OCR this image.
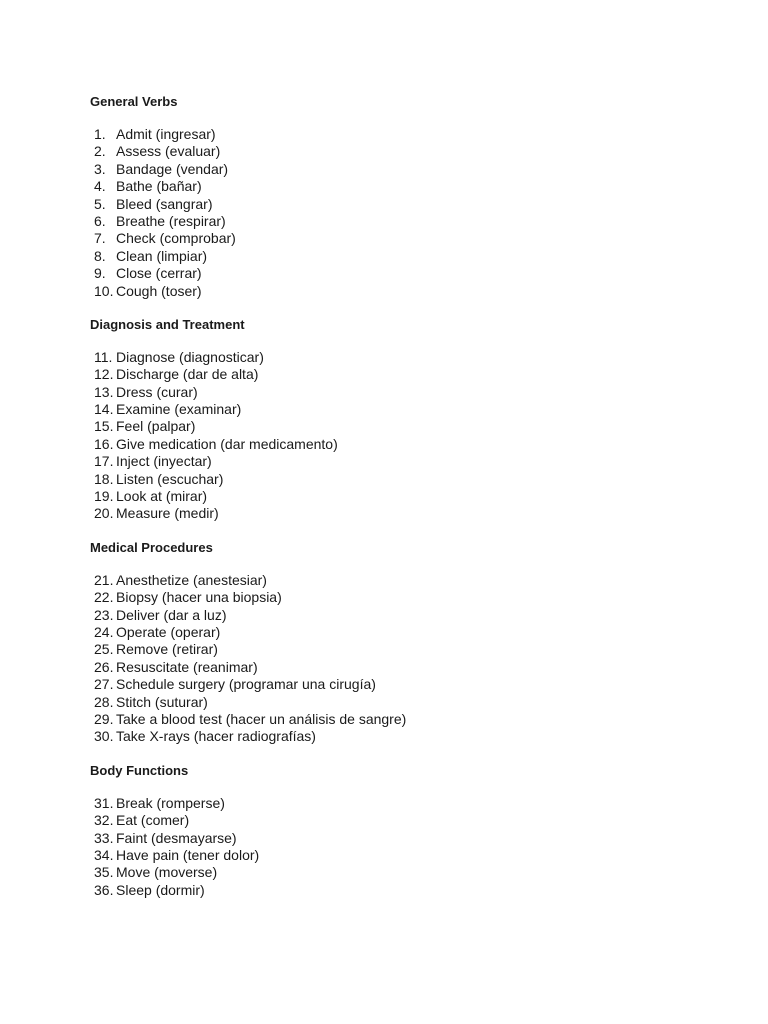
General Verbs
1. Admit (ingresar)
2. Assess (evaluar)
3. Bandage (vendar)
4. Bathe (bañar)
5. Bleed (sangrar)
6. Breathe (respirar)
7. Check (comprobar)
8. Clean (limpiar)
9. Close (cerrar)
10. Cough (toser)
Diagnosis and Treatment
11. Diagnose (diagnosticar)
12. Discharge (dar de alta)
13. Dress (curar)
14. Examine (examinar)
15. Feel (palpar)
16. Give medication (dar medicamento)
17. Inject (inyectar)
18. Listen (escuchar)
19. Look at (mirar)
20. Measure (medir)
Medical Procedures
21. Anesthetize (anestesiar)
22. Biopsy (hacer una biopsia)
23. Deliver (dar a luz)
24. Operate (operar)
25. Remove (retirar)
26. Resuscitate (reanimar)
27. Schedule surgery (programar una cirugía)
28. Stitch (suturar)
29. Take a blood test (hacer un análisis de sangre)
30. Take X-rays (hacer radiografías)
Body Functions
31. Break (romperse)
32. Eat (comer)
33. Faint (desmayarse)
34. Have pain (tener dolor)
35. Move (moverse)
36. Sleep (dormir)
